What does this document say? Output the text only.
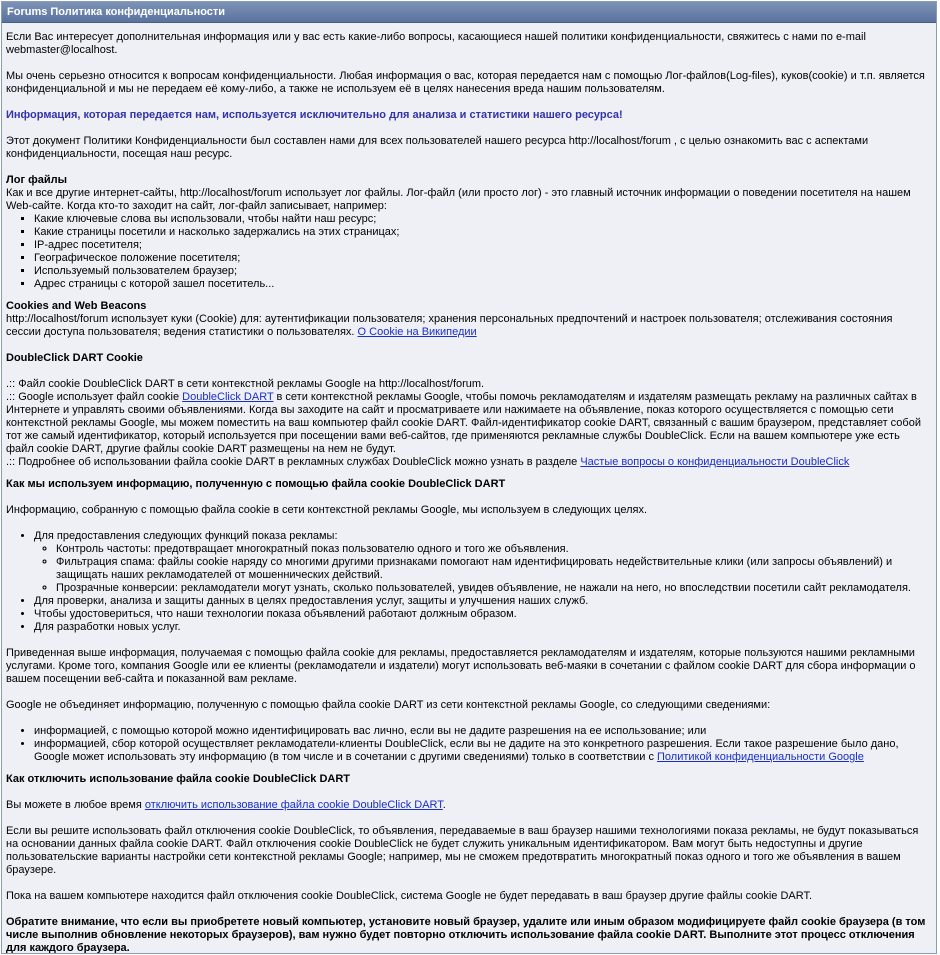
Forums Политика конфиденциальности

Если Вас интересует дополнительная информация или у вас есть какие-либо вопросы, касающиеся нашей политики конфиденциальности, свяжитесь с нами по e-mail webmaster@localhost.

Мы очень серьезно относится к вопросам конфиденциальности. Любая информация о вас, которая передается нам с помощью Лог-файлов(Log-files), куков(cookie) и т.п. является конфиденциальной и мы не передаем её кому-либо, а также не используем её в целях нанесения вреда нашим пользователям.

Информация, которая передается нам, используется исключительно для анализа и статистики нашего ресурса!

Этот документ Политики Конфиденциальности был составлен нами для всех пользователей нашего ресурса http://localhost/forum , с целью ознакомить вас с аспектами конфиденциальности, посещая наш ресурс.

Лог файлы
Как и все другие интернет-сайты, http://localhost/forum использует лог файлы. Лог-файл (или просто лог) - это главный источник информации о поведении посетителя на нашем Web-сайте. Когда кто-то заходит на сайт, лог-файл записывает, например:
▪ Какие ключевые слова вы использовали, чтобы найти наш ресурс;
▪ Какие страницы посетили и насколько задержались на этих страницах;
▪ IP-адрес посетителя;
▪ Географическое положение посетителя;
▪ Используемый пользователем браузер;
▪ Адрес страницы с которой зашел посетитель...
Cookies and Web Beacons
http://localhost/forum использует куки (Cookie) для: аутентификации пользователя; хранения персональных предпочтений и настроек пользователя; отслеживания состояния сессии доступа пользователя; ведения статистики о пользователях. О Cookie на Википедии
DoubleClick DART Cookie
.:: Файл cookie DoubleClick DART в сети контекстной рекламы Google на http://localhost/forum.
.:: Google использует файл cookie DoubleClick DART в сети контекстной рекламы Google, чтобы помочь рекламодателям и издателям размещать рекламу на различных сайтах в Интернете и управлять своими объявлениями. Когда вы заходите на сайт и просматриваете или нажимаете на объявление, показ которого осуществляется с помощью сети контекстной рекламы Google, мы можем поместить на ваш компьютер файл cookie DART. Файл-идентификатор cookie DART, связанный с вашим браузером, представляет собой тот же самый идентификатор, который используется при посещении вами веб-сайтов, где применяются рекламные службы DoubleClick. Если на вашем компьютере уже есть файл cookie DART, другие файлы cookie DART размещены на нем не будут.
.:: Подробнее об использовании файла cookie DART в рекламных службах DoubleClick можно узнать в разделе Частые вопросы о конфиденциальности DoubleClick
Как мы используем информацию, полученную с помощью файла cookie DoubleClick DART

Информацию, собранную с помощью файла cookie в сети контекстной рекламы Google, мы используем в следующих целях.

• Для предоставления следующих функций показа рекламы:
◦ Контроль частоты: предотвращает многократный показ пользователю одного и того же объявления.
◦ Фильтрация спама: файлы cookie наряду со многими другими признаками помогают нам идентифицировать недействительные клики (или запросы объявлений) и защищать наших рекламодателей от мошеннических действий.
◦ Прозрачные конверсии: рекламодатели могут узнать, сколько пользователей, увидев объявление, не нажали на него, но впоследствии посетили сайт рекламодателя.
• Для проверки, анализа и защиты данных в целях предоставления услуг, защиты и улучшения наших служб.
• Чтобы удостовериться, что наши технологии показа объявлений работают должным образом.
• Для разработки новых услуг.

Приведенная выше информация, получаемая с помощью файла cookie для рекламы, предоставляется рекламодателям и издателям, которые пользуются нашими рекламными услугами. Кроме того, компания Google или ее клиенты (рекламодатели и издатели) могут использовать веб-маяки в сочетании с файлом cookie DART для сбора информации о вашем посещении веб-сайта и показанной вам рекламе.

Google не объединяет информацию, полученную с помощью файла cookie DART из сети контекстной рекламы Google, со следующими сведениями:

• информацией, с помощью которой можно идентифицировать вас лично, если вы не дадите разрешения на ее использование; или
• информацией, сбор которой осуществляет рекламодатели-клиенты DoubleClick, если вы не дадите на это конкретного разрешения. Если такое разрешение было дано, Google может использовать эту информацию (в том числе и в сочетании с другими сведениями) только в соответствии с Политикой конфиденциальности Google
Как отключить использование файла cookie DoubleClick DART

Вы можете в любое время отключить использование файла cookie DoubleClick DART.

Если вы решите использовать файл отключения cookie DoubleClick, то объявления, передаваемые в ваш браузер нашими технологиями показа рекламы, не будут показываться на основании данных файла cookie DART. Файл отключения cookie DoubleClick не будет служить уникальным идентификатором. Вам могут быть недоступны и другие пользовательские варианты настройки сети контекстной рекламы Google; например, мы не сможем предотвратить многократный показ одного и того же объявления в вашем браузере.

Пока на вашем компьютере находится файл отключения cookie DoubleClick, система Google не будет передавать в ваш браузер другие файлы cookie DART.

Обратите внимание, что если вы приобретете новый компьютер, установите новый браузер, удалите или иным образом модифицируете файл cookie браузера (в том числе выполнив обновление некоторых браузеров), вам нужно будет повторно отключить использование файла cookie DART. Выполните этот процесс отключения для каждого браузера.
